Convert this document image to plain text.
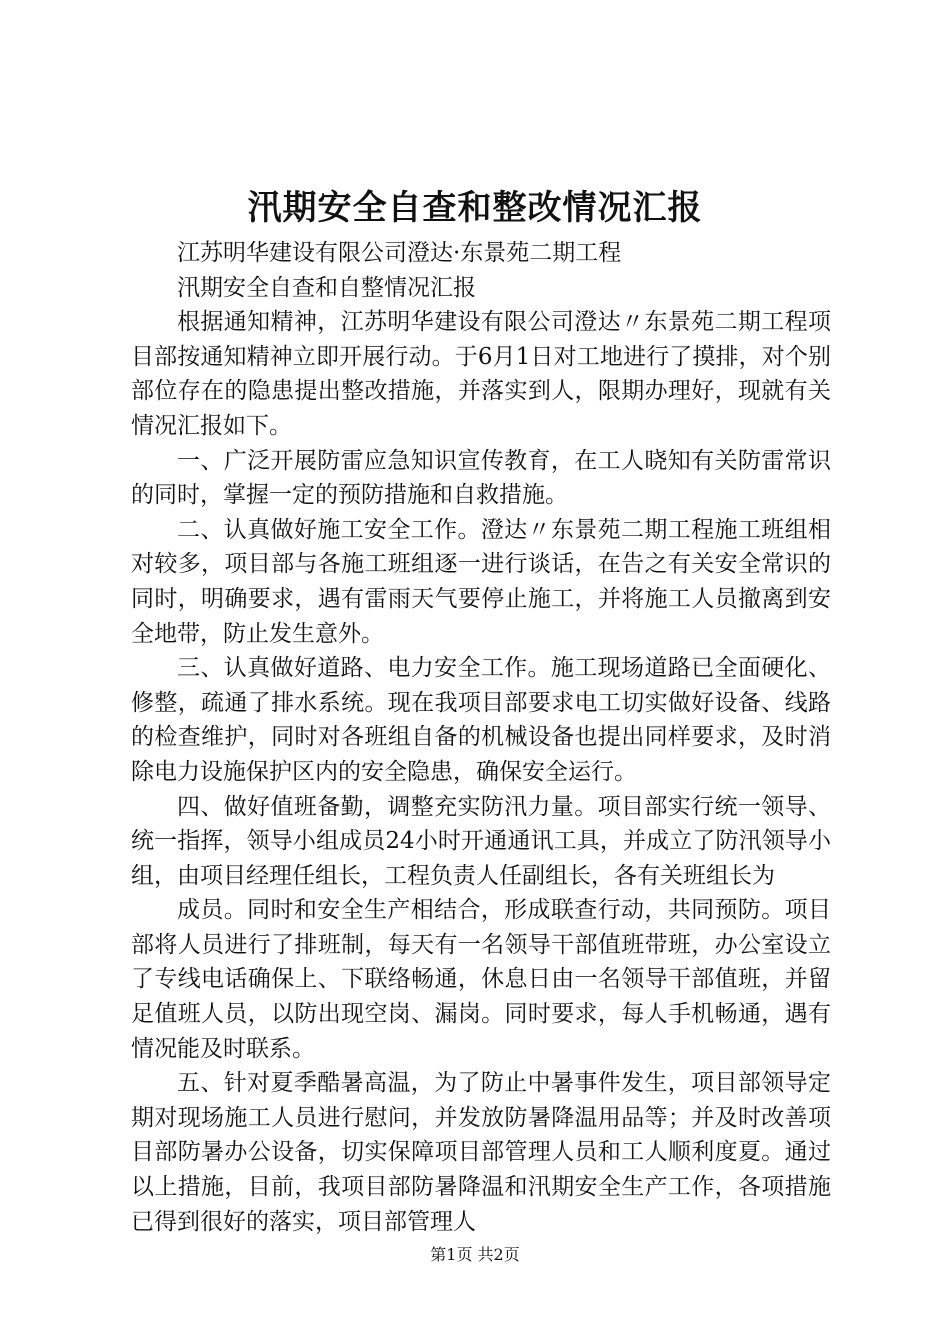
汛期安全自查和整改情况汇报

江苏明华建设有限公司澄达·东景苑二期工程

汛期安全自查和自整情况汇报

根据通知精神，江苏明华建设有限公司澄达〃东景苑二期工程项目部按通知精神立即开展行动。于6月1日对工地进行了摸排，对个别部位存在的隐患提出整改措施，并落实到人，限期办理好，现就有关情况汇报如下。

一、广泛开展防雷应急知识宣传教育，在工人晓知有关防雷常识的同时，掌握一定的预防措施和自救措施。

二、认真做好施工安全工作。澄达〃东景苑二期工程施工班组相对较多，项目部与各施工班组逐一进行谈话，在告之有关安全常识的同时，明确要求，遇有雷雨天气要停止施工，并将施工人员撤离到安全地带，防止发生意外。

三、认真做好道路、电力安全工作。施工现场道路已全面硬化、修整，疏通了排水系统。现在我项目部要求电工切实做好设备、线路的检查维护，同时对各班组自备的机械设备也提出同样要求，及时消除电力设施保护区内的安全隐患，确保安全运行。

四、做好值班备勤，调整充实防汛力量。项目部实行统一领导、统一指挥，领导小组成员24小时开通通讯工具，并成立了防汛领导小组，由项目经理任组长，工程负责人任副组长，各有关班组长为

成员。同时和安全生产相结合，形成联查行动，共同预防。项目部将人员进行了排班制，每天有一名领导干部值班带班，办公室设立了专线电话确保上、下联络畅通，休息日由一名领导干部值班，并留足值班人员，以防出现空岗、漏岗。同时要求，每人手机畅通，遇有情况能及时联系。

五、针对夏季酷暑高温，为了防止中暑事件发生，项目部领导定期对现场施工人员进行慰问，并发放防暑降温用品等；并及时改善项目部防暑办公设备，切实保障项目部管理人员和工人顺利度夏。通过以上措施，目前，我项目部防暑降温和汛期安全生产工作，各项措施已得到很好的落实，项目部管理人

第1页 共2页
